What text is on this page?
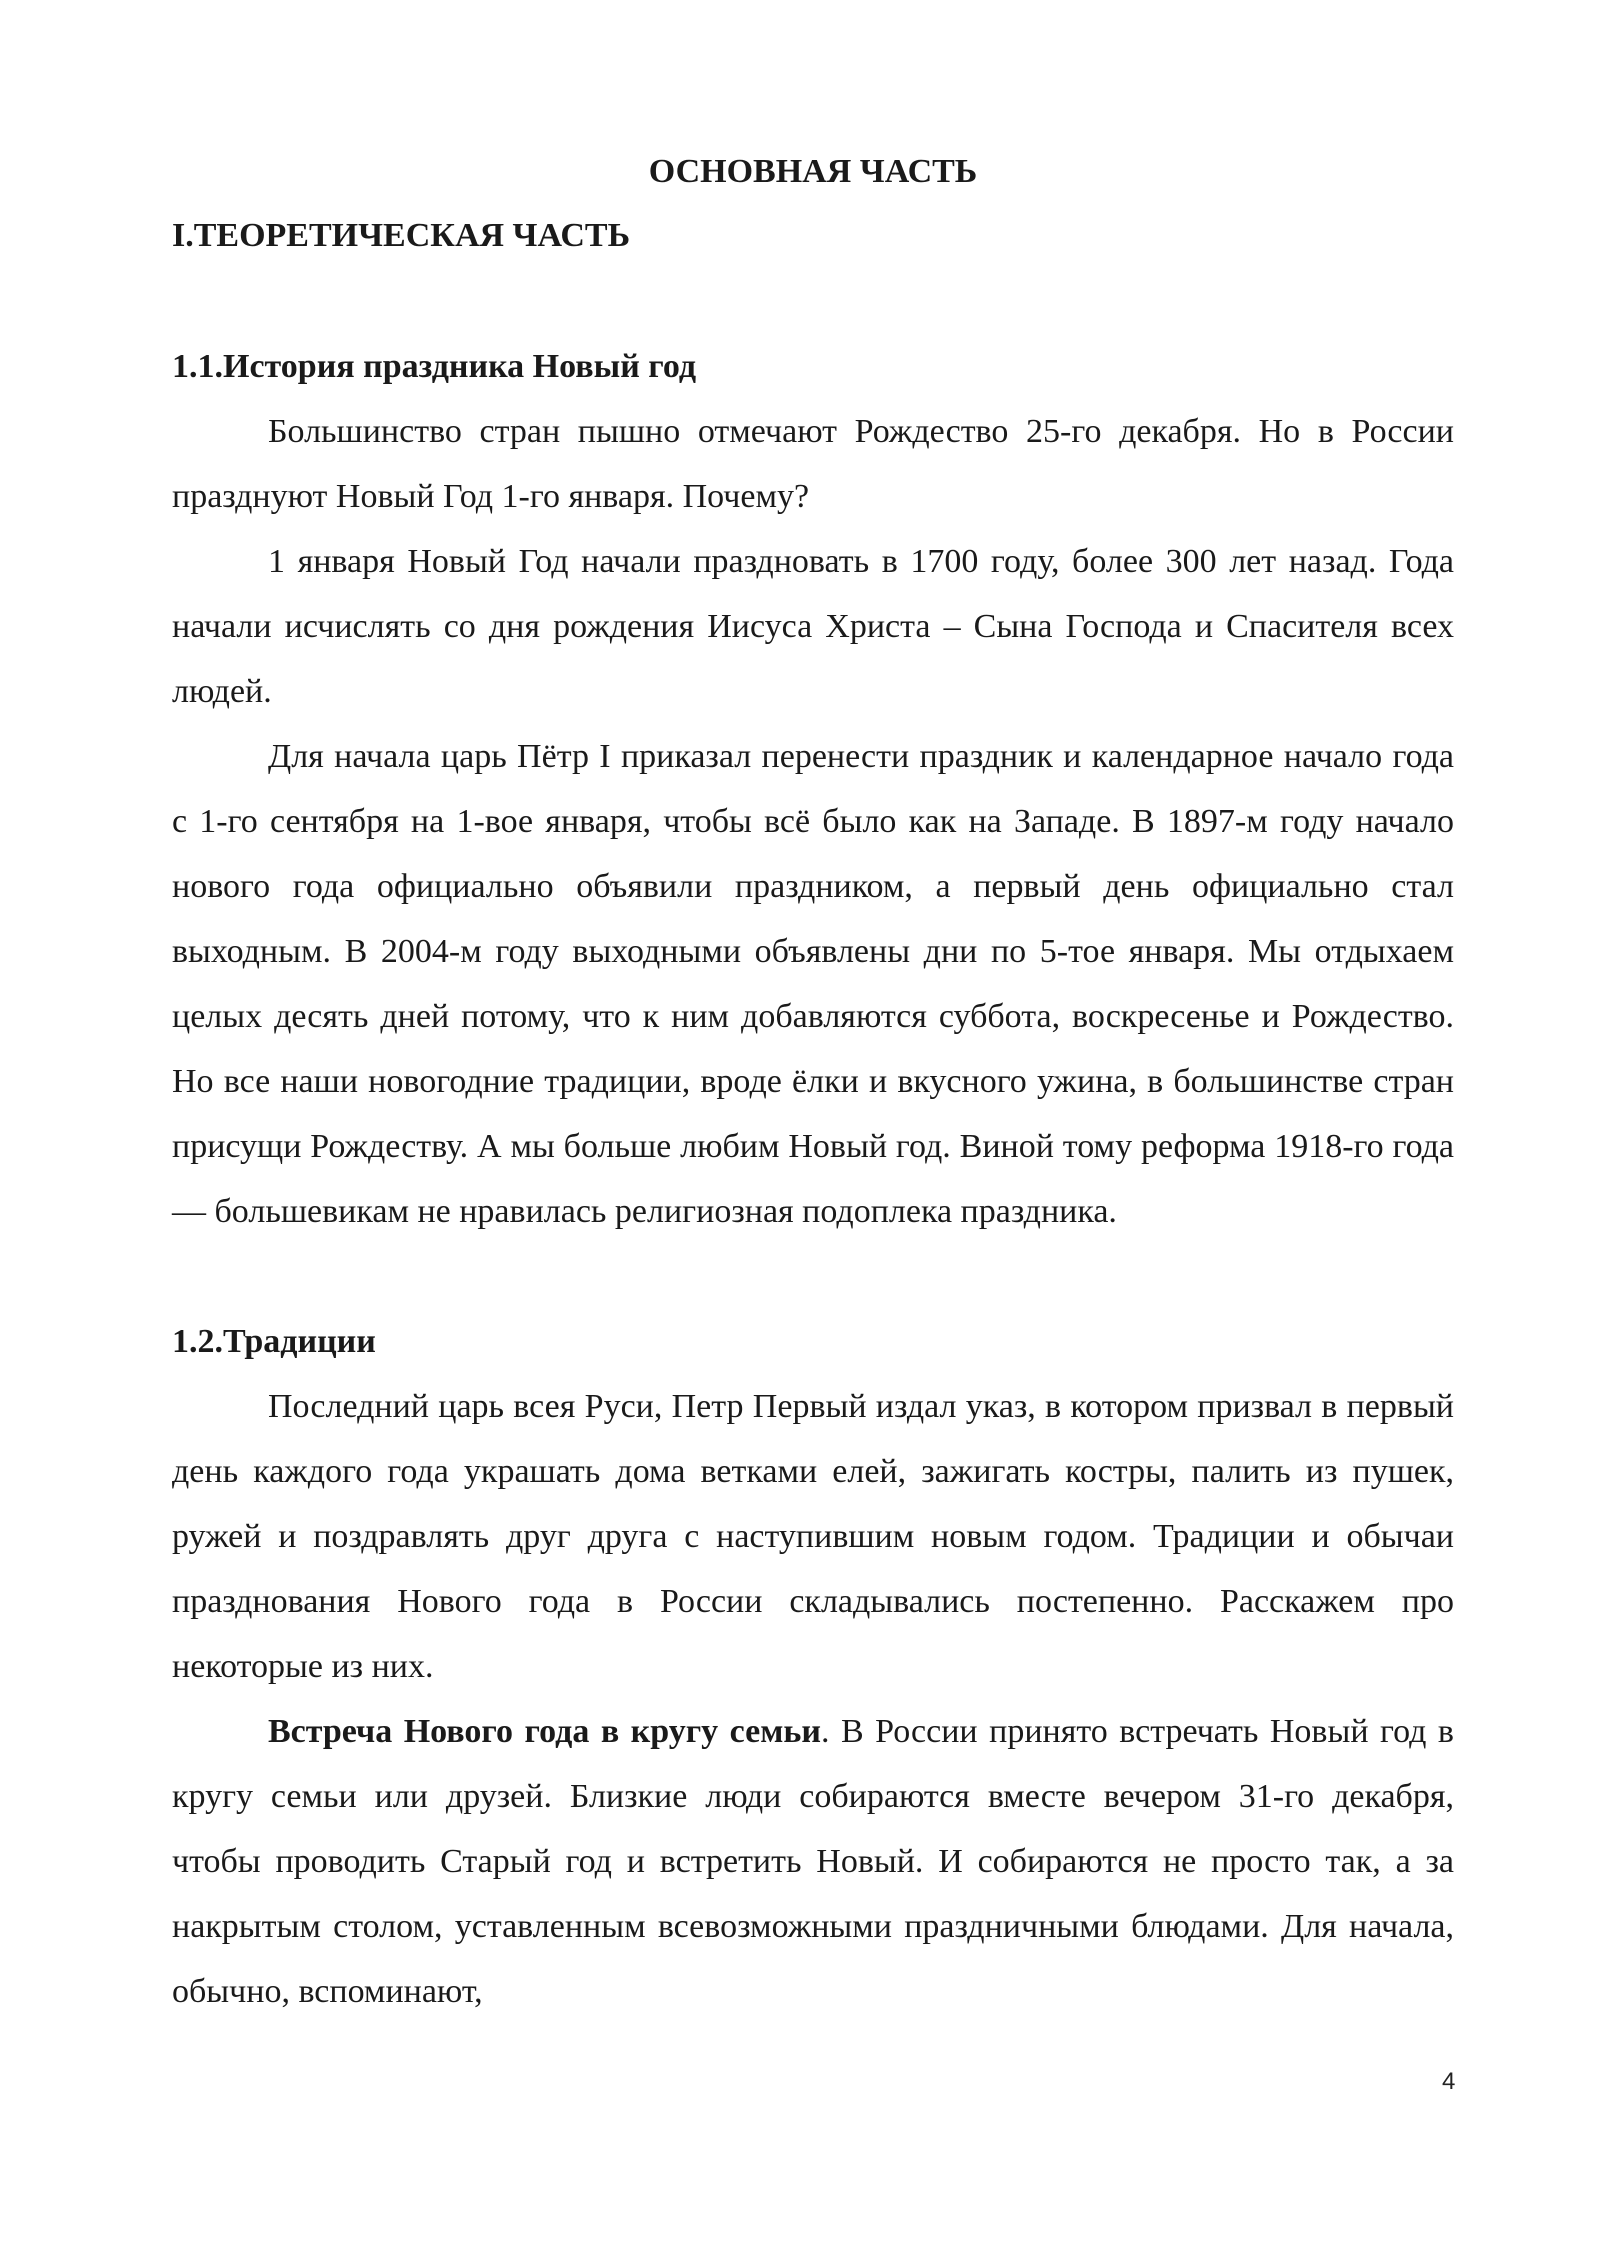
ОСНОВНАЯ ЧАСТЬ
I.ТЕОРЕТИЧЕСКАЯ ЧАСТЬ
1.1.История праздника Новый год

Большинство стран пышно отмечают Рождество 25-го декабря. Но в России празднуют Новый Год 1-го января. Почему?

1 января Новый Год начали праздновать в 1700 году, более 300 лет назад. Года начали исчислять со дня рождения Иисуса Христа – Сына Господа и Спасителя всех людей.

Для начала царь Пётр I приказал перенести праздник и календарное начало года с 1-го сентября на 1-вое января, чтобы всё было как на Западе. В 1897-м году начало нового года официально объявили праздником, а первый день официально стал выходным. В 2004-м году выходными объявлены дни по 5-тое января. Мы отдыхаем целых десять дней потому, что к ним добавляются суббота, воскресенье и Рождество. Но все наши новогодние традиции, вроде ёлки и вкусного ужина, в большинстве стран присущи Рождеству. А мы больше любим Новый год. Виной тому реформа 1918-го года — большевикам не нравилась религиозная подоплека праздника.

1.2.Традиции

Последний царь всея Руси, Петр Первый издал указ, в котором призвал в первый день каждого года украшать дома ветками елей, зажигать костры, палить из пушек, ружей и поздравлять друг друга с наступившим новым годом. Традиции и обычаи празднования Нового года в России складывались постепенно. Расскажем про некоторые из них.

Встреча Нового года в кругу семьи. В России принято встречать Новый год в кругу семьи или друзей. Близкие люди собираются вместе вечером 31-го декабря, чтобы проводить Старый год и встретить Новый. И собираются не просто так, а за накрытым столом, уставленным всевозможными праздничными блюдами. Для начала, обычно, вспоминают,

4
